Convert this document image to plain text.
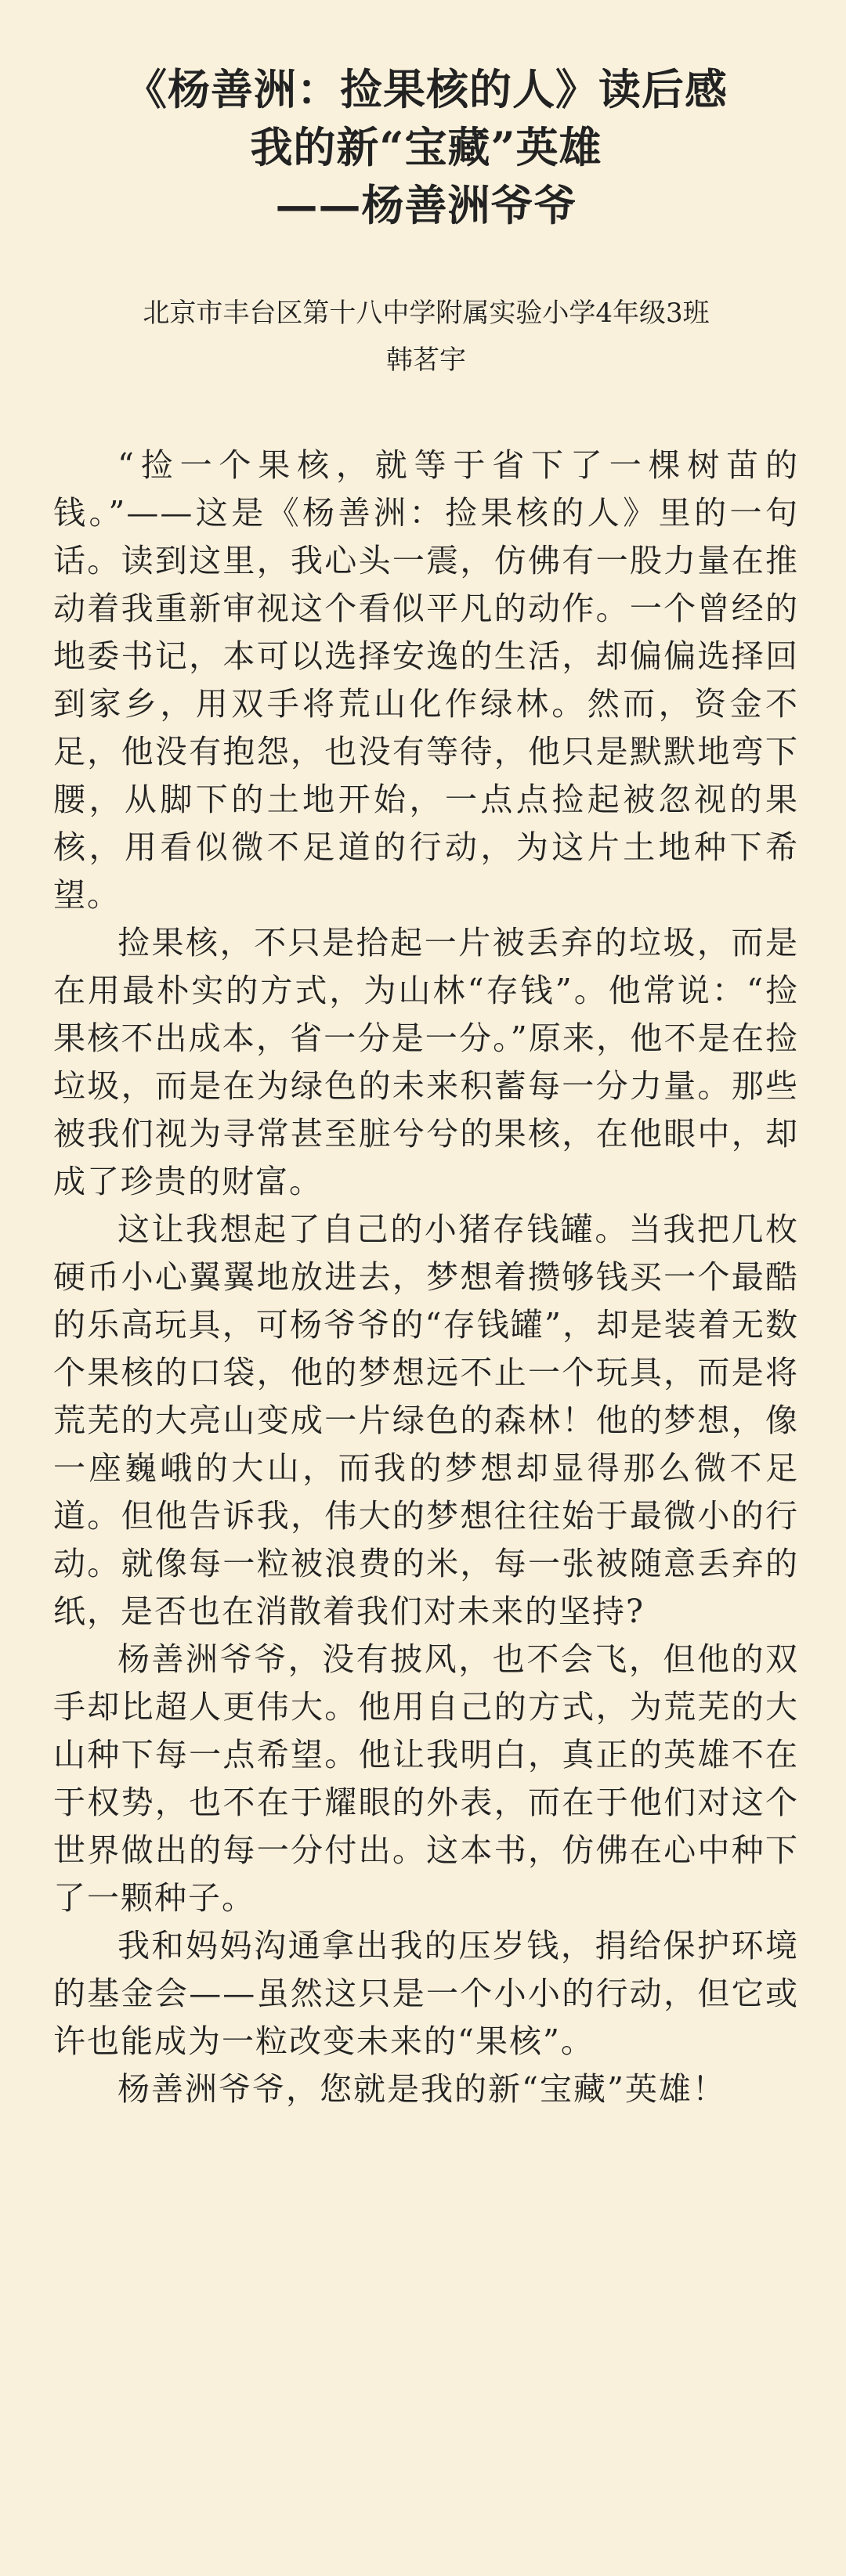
《杨善洲：捡果核的人》读后感
我的新“宝藏”英雄
——杨善洲爷爷
北京市丰台区第十八中学附属实验小学4年级3班
韩茗宇

“捡一个果核，就等于省下了一棵树苗的钱。”——这是《杨善洲：捡果核的人》里的一句话。读到这里，我心头一震，仿佛有一股力量在推动着我重新审视这个看似平凡的动作。一个曾经的地委书记，本可以选择安逸的生活，却偏偏选择回到家乡，用双手将荒山化作绿林。然而，资金不足，他没有抱怨，也没有等待，他只是默默地弯下腰，从脚下的土地开始，一点点捡起被忽视的果核，用看似微不足道的行动，为这片土地种下希望。

捡果核，不只是拾起一片被丢弃的垃圾，而是在用最朴实的方式，为山林“存钱”。他常说：“捡果核不出成本，省一分是一分。”原来，他不是在捡垃圾，而是在为绿色的未来积蓄每一分力量。那些被我们视为寻常甚至脏兮兮的果核，在他眼中，却成了珍贵的财富。

这让我想起了自己的小猪存钱罐。当我把几枚硬币小心翼翼地放进去，梦想着攒够钱买一个最酷的乐高玩具，可杨爷爷的“存钱罐”，却是装着无数个果核的口袋，他的梦想远不止一个玩具，而是将荒芜的大亮山变成一片绿色的森林！他的梦想，像一座巍峨的大山，而我的梦想却显得那么微不足道。但他告诉我，伟大的梦想往往始于最微小的行动。就像每一粒被浪费的米，每一张被随意丢弃的纸，是否也在消散着我们对未来的坚持?

杨善洲爷爷，没有披风，也不会飞，但他的双手却比超人更伟大。他用自己的方式，为荒芜的大山种下每一点希望。他让我明白，真正的英雄不在于权势，也不在于耀眼的外表，而在于他们对这个世界做出的每一分付出。这本书，仿佛在心中种下了一颗种子。

我和妈妈沟通拿出我的压岁钱，捐给保护环境的基金会——虽然这只是一个小小的行动，但它或许也能成为一粒改变未来的“果核”。

杨善洲爷爷，您就是我的新“宝藏”英雄！
